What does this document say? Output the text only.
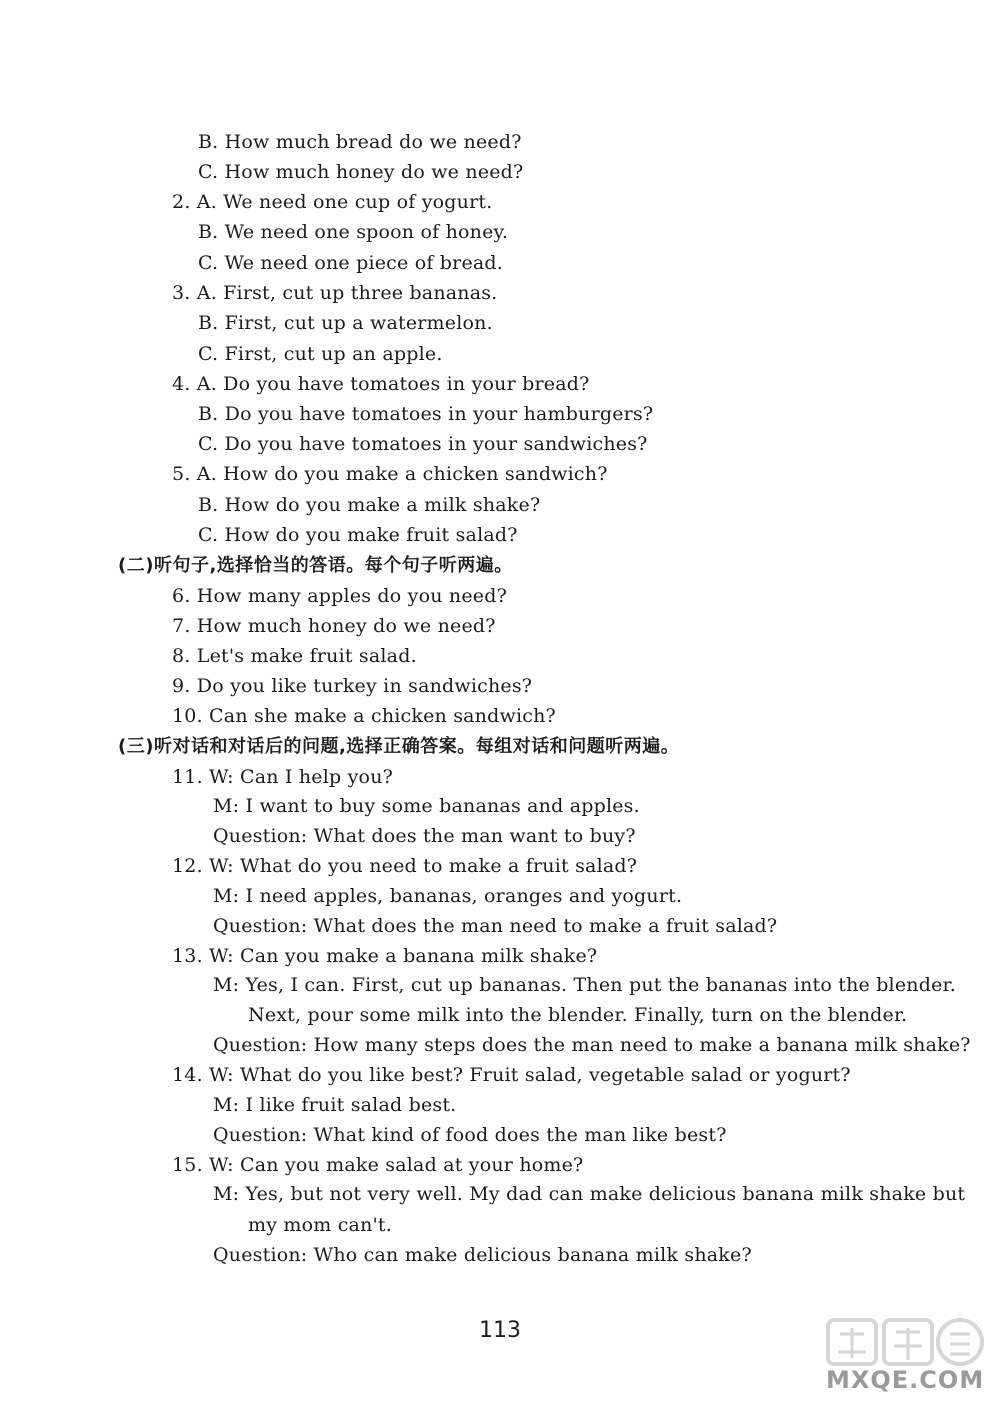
B. How much bread do we need?
C. How much honey do we need?
2. A. We need one cup of yogurt.
B. We need one spoon of honey.
C. We need one piece of bread.
3. A. First, cut up three bananas.
B. First, cut up a watermelon.
C. First, cut up an apple.
4. A. Do you have tomatoes in your bread?
B. Do you have tomatoes in your hamburgers?
C. Do you have tomatoes in your sandwiches?
5. A. How do you make a chicken sandwich?
B. How do you make a milk shake?
C. How do you make fruit salad?
(二)听句子,选择恰当的答语。每个句子听两遍。
6. How many apples do you need?
7. How much honey do we need?
8. Let's make fruit salad.
9. Do you like turkey in sandwiches?
10. Can she make a chicken sandwich?
(三)听对话和对话后的问题,选择正确答案。每组对话和问题听两遍。
11. W: Can I help you?
M: I want to buy some bananas and apples.
Question: What does the man want to buy?
12. W: What do you need to make a fruit salad?
M: I need apples, bananas, oranges and yogurt.
Question: What does the man need to make a fruit salad?
13. W: Can you make a banana milk shake?
M: Yes, I can. First, cut up bananas. Then put the bananas into the blender.
Next, pour some milk into the blender. Finally, turn on the blender.
Question: How many steps does the man need to make a banana milk shake?
14. W: What do you like best? Fruit salad, vegetable salad or yogurt?
M: I like fruit salad best.
Question: What kind of food does the man like best?
15. W: Can you make salad at your home?
M: Yes, but not very well. My dad can make delicious banana milk shake but
my mom can't.
Question: Who can make delicious banana milk shake?
113
MXQE.COM
